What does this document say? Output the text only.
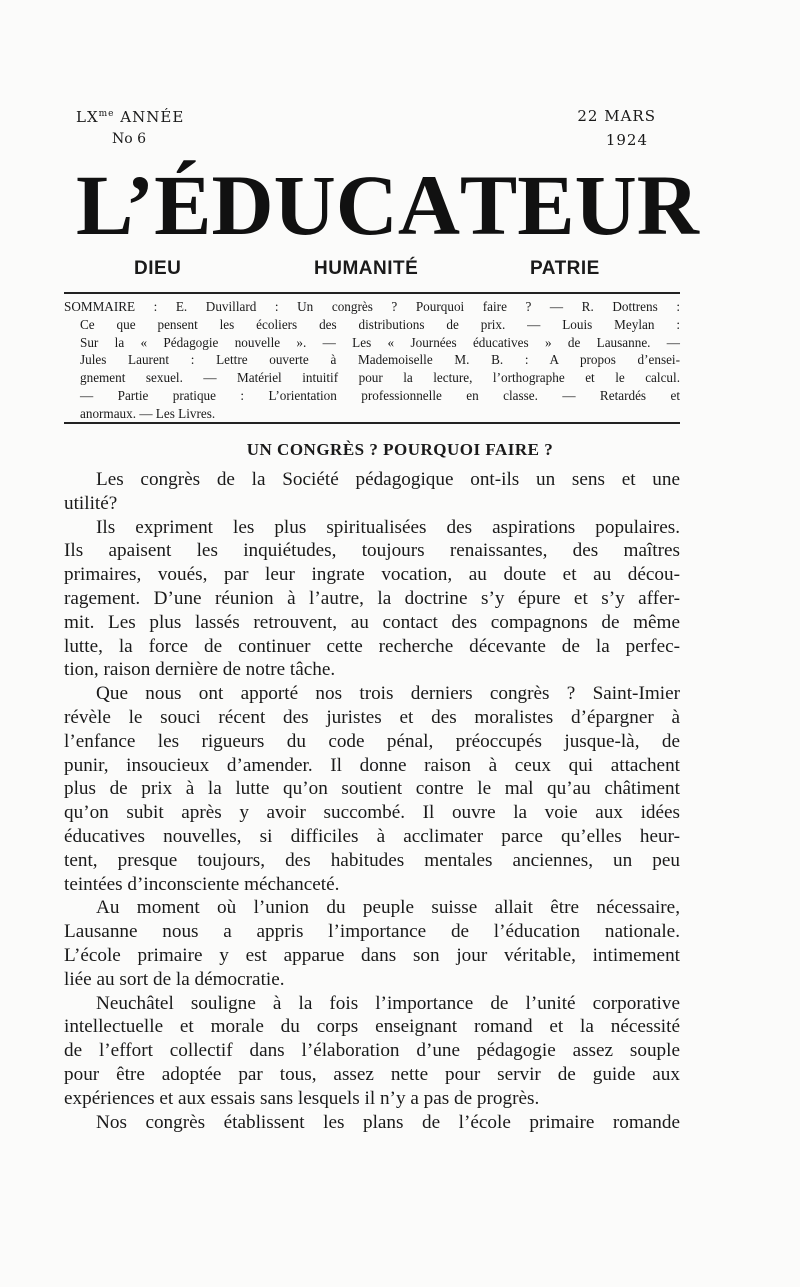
$LX^{me}$ ANNÉE
No 6
22 MARS
1924
L’ É D U C A T E U R
DIEU	HUMANITÉ	PATRIE
SOMMAIRE : E. Duvillard : Un congrès ? Pourquoi faire ? — R. Dottrens :
Ce que pensent les écoliers des distributions de prix. — Louis Meylan :
Sur la « Pédagogie nouvelle ». — Les « Journées éducatives » de Lausanne. —
Jules Laurent : Lettre ouverte à Mademoiselle M. B. : A propos d’ensei-
gnement sexuel. — Matériel intuitif pour la lecture, l’orthographe et le calcul.
— Partie pratique : L’orientation professionnelle en classe. — Retardés et
anormaux. — Les Livres.
UN CONGRÈS ? POURQUOI FAIRE ?
Les congrès de la Société pédagogique ont-ils un sens et une
utilité?
Ils expriment les plus spiritualisées des aspirations populaires.
Ils apaisent les inquiétudes, toujours renaissantes, des maîtres
primaires, voués, par leur ingrate vocation, au doute et au décou-
ragement. D’une réunion à l’autre, la doctrine s’y épure et s’y affer-
mit. Les plus lassés retrouvent, au contact des compagnons de même
lutte, la force de continuer cette recherche décevante de la perfec-
tion, raison dernière de notre tâche.
Que nous ont apporté nos trois derniers congrès ? Saint-Imier
révèle le souci récent des juristes et des moralistes d’épargner à
l’enfance les rigueurs du code pénal, préoccupés jusque-là, de
punir, insoucieux d’amender. Il donne raison à ceux qui attachent
plus de prix à la lutte qu’on soutient contre le mal qu’au châtiment
qu’on subit après y avoir succombé. Il ouvre la voie aux idées
éducatives nouvelles, si difficiles à acclimater parce qu’elles heur-
tent, presque toujours, des habitudes mentales anciennes, un peu
teintées d’inconsciente méchanceté.
Au moment où l’union du peuple suisse allait être nécessaire,
Lausanne nous a appris l’importance de l’éducation nationale.
L’école primaire y est apparue dans son jour véritable, intimement
liée au sort de la démocratie.
Neuchâtel souligne à la fois l’importance de l’unité corporative
intellectuelle et morale du corps enseignant romand et la nécessité
de l’effort collectif dans l’élaboration d’une pédagogie assez souple
pour être adoptée par tous, assez nette pour servir de guide aux
expériences et aux essais sans lesquels il n’y a pas de progrès.
Nos congrès établissent les plans de l’école primaire romande
